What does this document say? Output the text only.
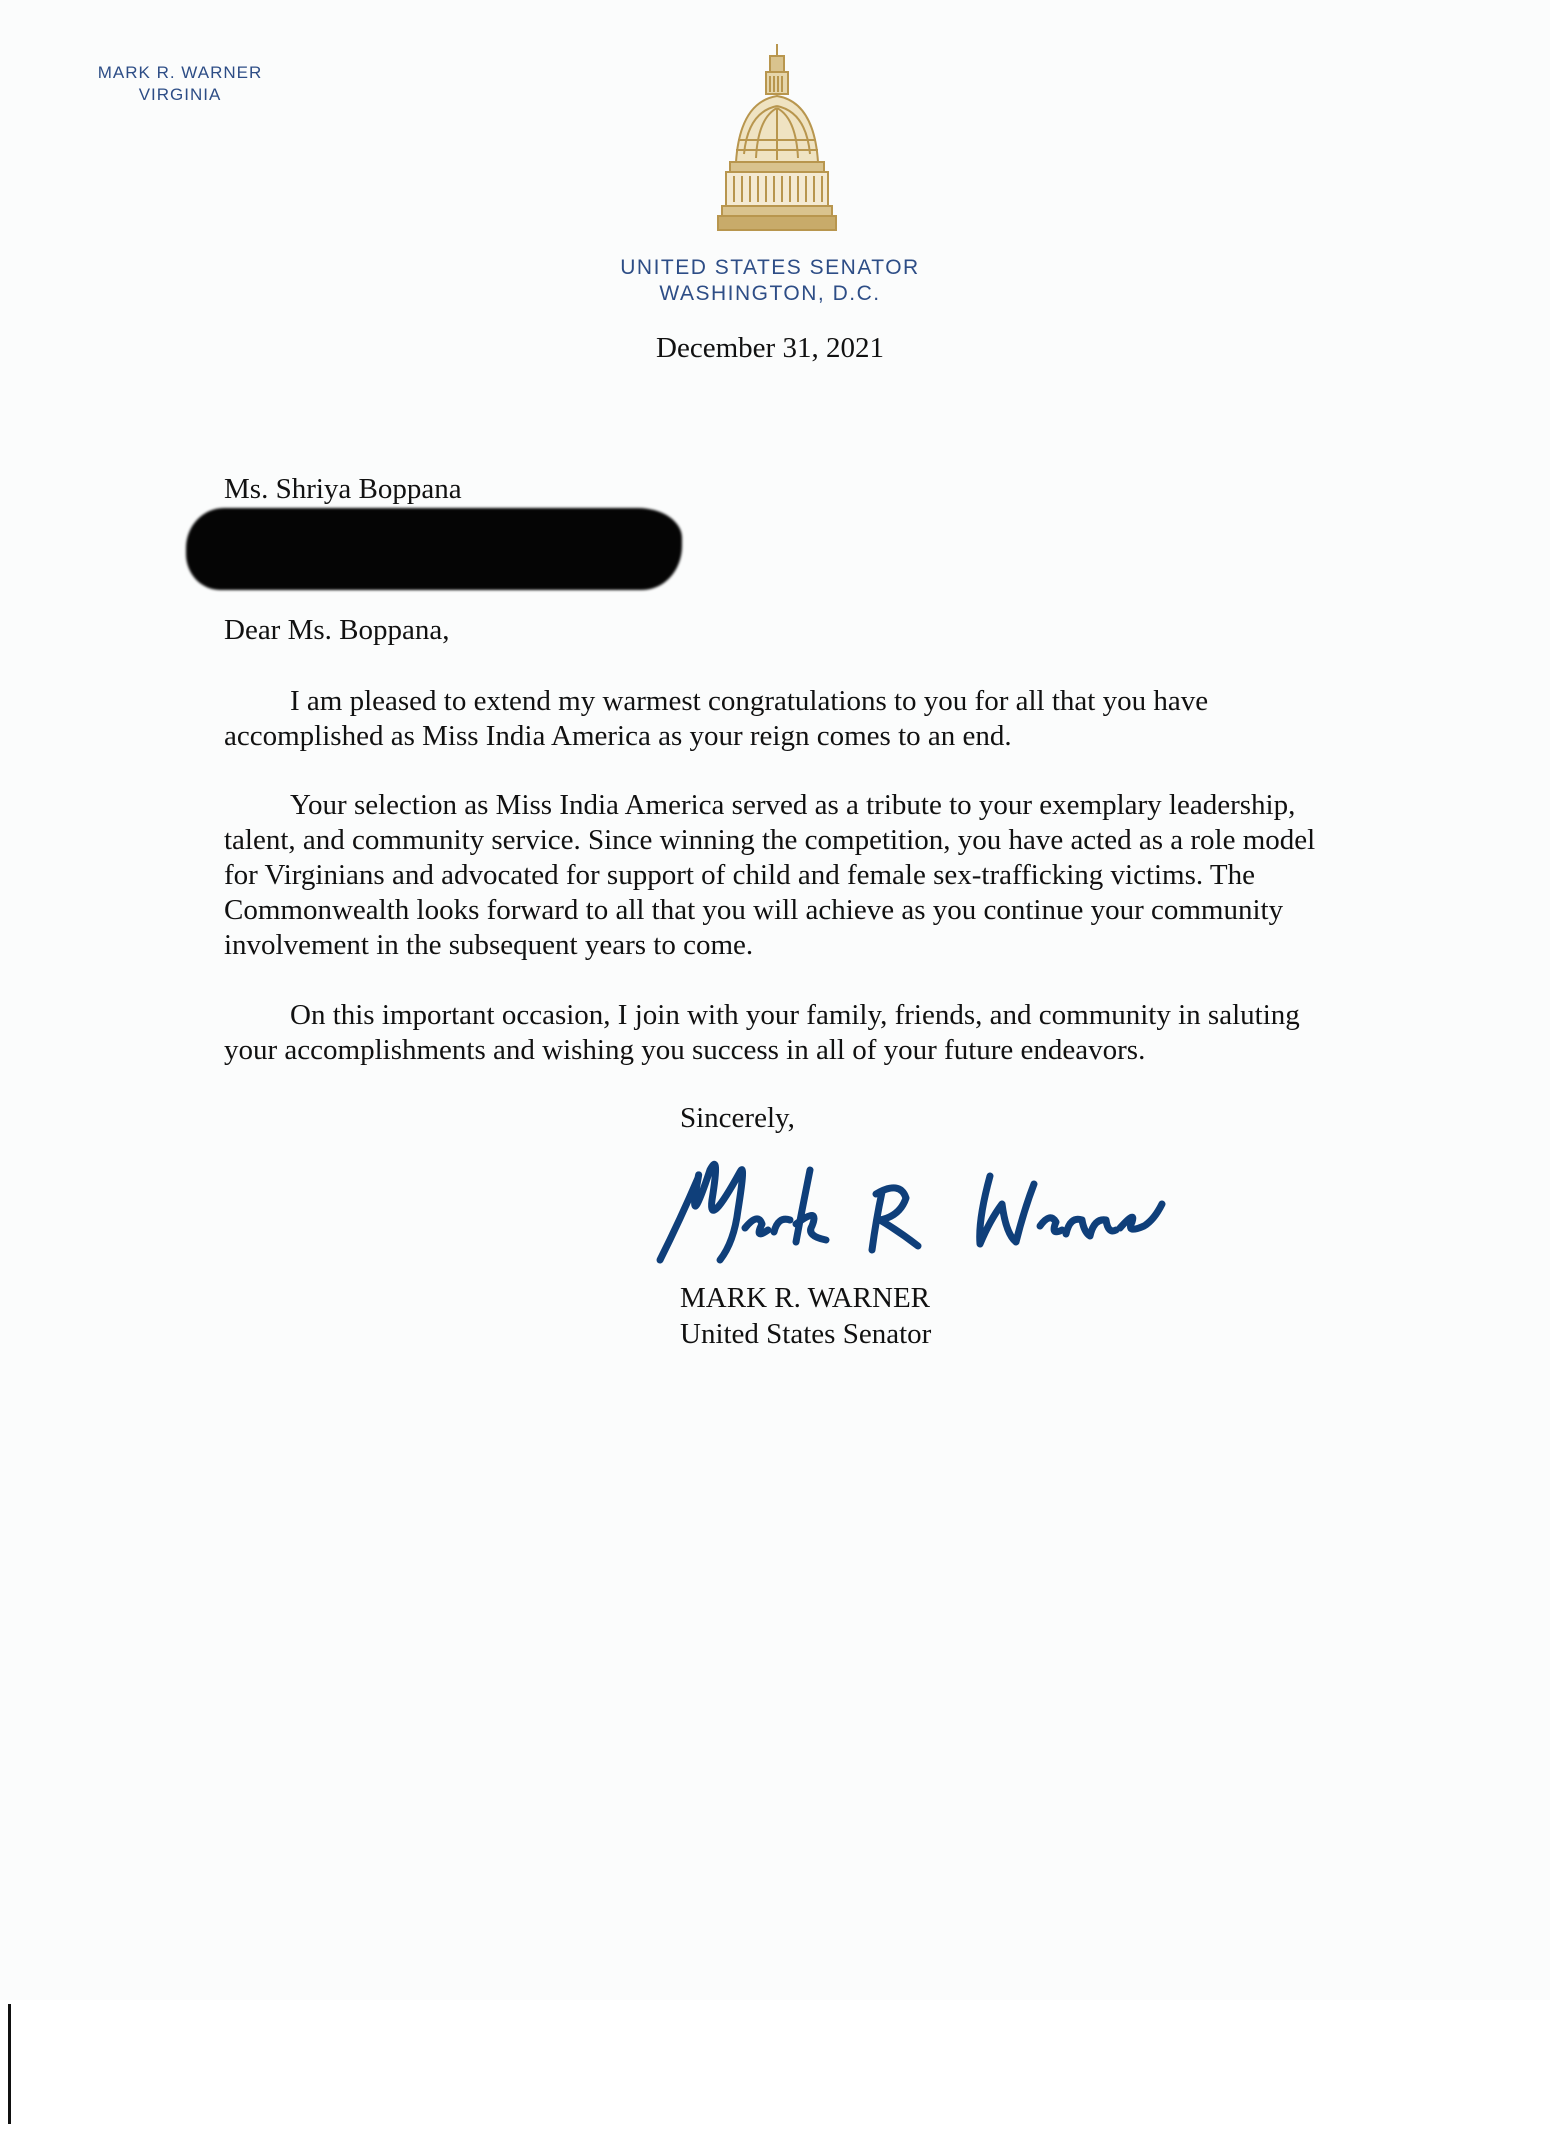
MARK R. WARNER
VIRGINIA
UNITED STATES SENATOR
WASHINGTON, D.C.
December 31, 2021
Ms. Shriya Boppana
Dear Ms. Boppana,

I am pleased to extend my warmest congratulations to you for all that you have accomplished as Miss India America as your reign comes to an end.

Your selection as Miss India America served as a tribute to your exemplary leadership, talent, and community service. Since winning the competition, you have acted as a role model for Virginians and advocated for support of child and female sex-trafficking victims. The Commonwealth looks forward to all that you will achieve as you continue your community involvement in the subsequent years to come.

On this important occasion, I join with your family, friends, and community in saluting your accomplishments and wishing you success in all of your future endeavors.

Sincerely,
MARK R. WARNER
United States Senator
